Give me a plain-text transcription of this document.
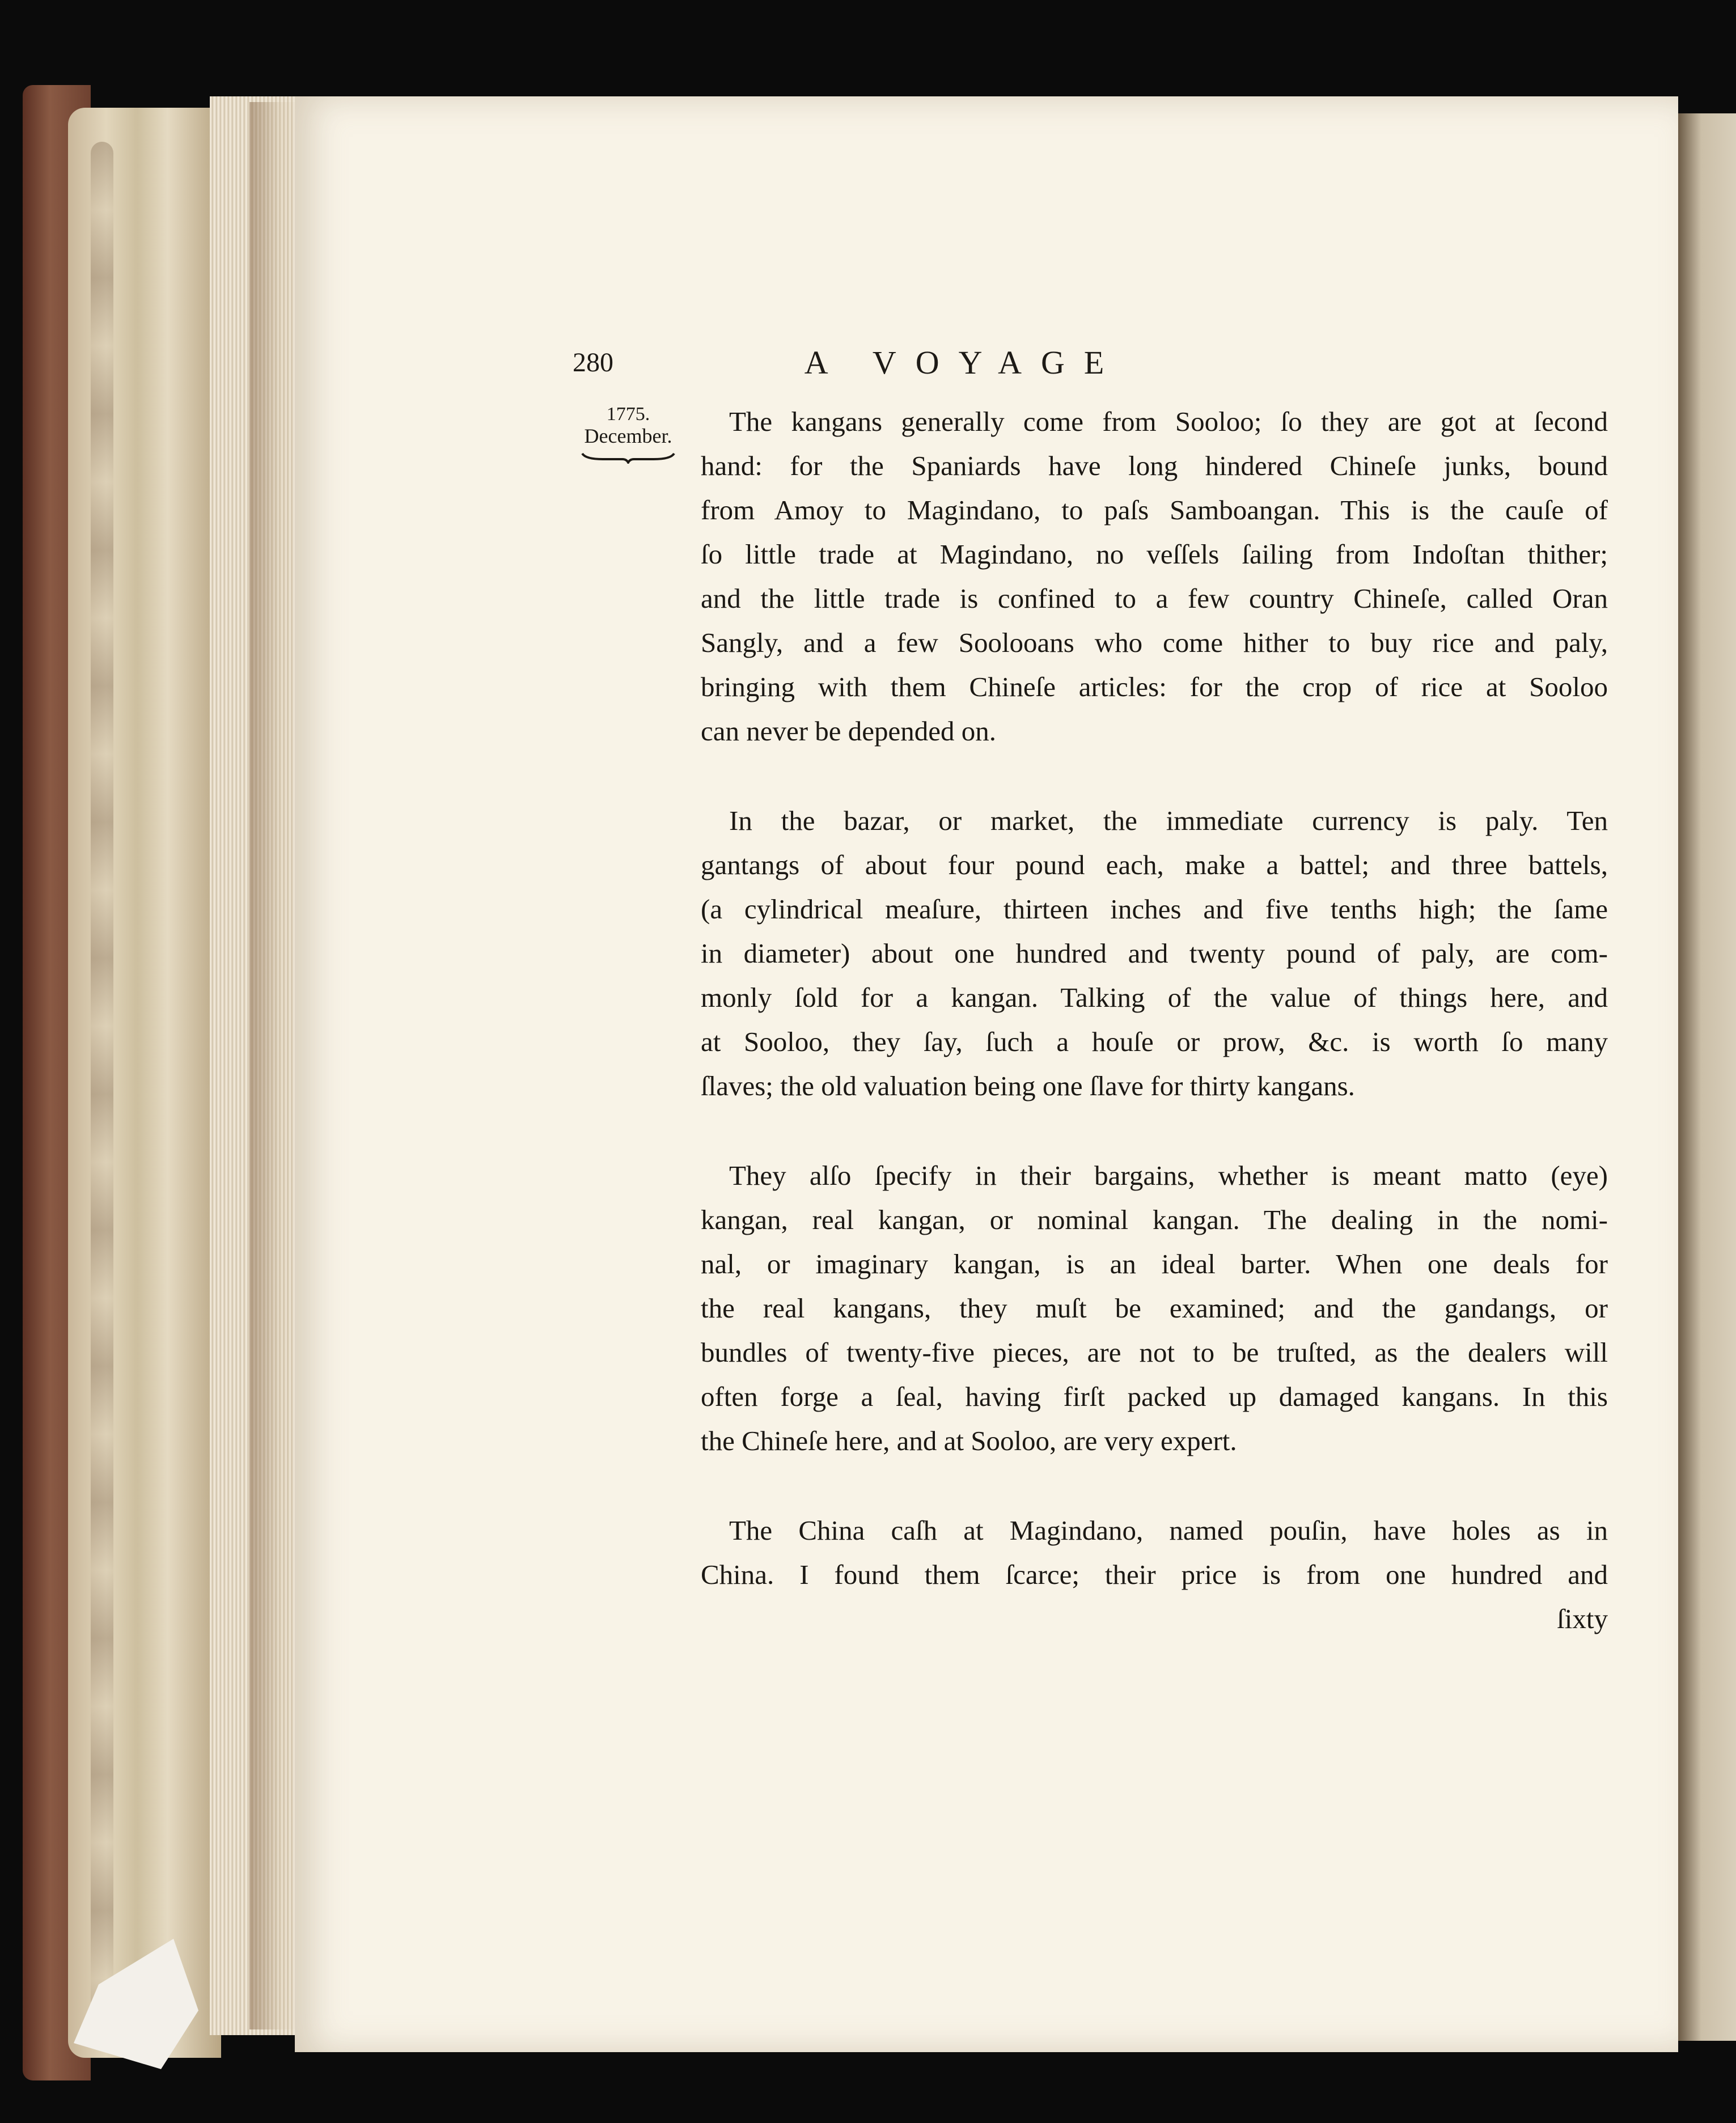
280	A VOYAGE
1775.
December.	The kangans generally come from Sooloo; ſo they are got at ſecond
hand: for the Spaniards have long hindered Chineſe junks, bound
from Amoy to Magindano, to paſs Samboangan. This is the cauſe of
ſo little trade at Magindano, no veſſels ſailing from Indoſtan thither;
and the little trade is confined to a few country Chineſe, called Oran
Sangly, and a few Soolooans who come hither to buy rice and paly,
bringing with them Chineſe articles: for the crop of rice at Sooloo
can never be depended on.
In the bazar, or market, the immediate currency is paly. Ten
gantangs of about four pound each, make a battel; and three battels,
(a cylindrical meaſure, thirteen inches and five tenths high; the ſame
in diameter) about one hundred and twenty pound of paly, are com-
monly ſold for a kangan. Talking of the value of things here, and
at Sooloo, they ſay, ſuch a houſe or prow, &c. is worth ſo many
ſlaves; the old valuation being one ſlave for thirty kangans.
They alſo ſpecify in their bargains, whether is meant matto (eye)
kangan, real kangan, or nominal kangan. The dealing in the nomi-
nal, or imaginary kangan, is an ideal barter. When one deals for
the real kangans, they muſt be examined; and the gandangs, or
bundles of twenty-five pieces, are not to be truſted, as the dealers will
often forge a ſeal, having firſt packed up damaged kangans. In this
the Chineſe here, and at Sooloo, are very expert.
The China caſh at Magindano, named pouſin, have holes as in
China. I found them ſcarce; their price is from one hundred and
ſixty
